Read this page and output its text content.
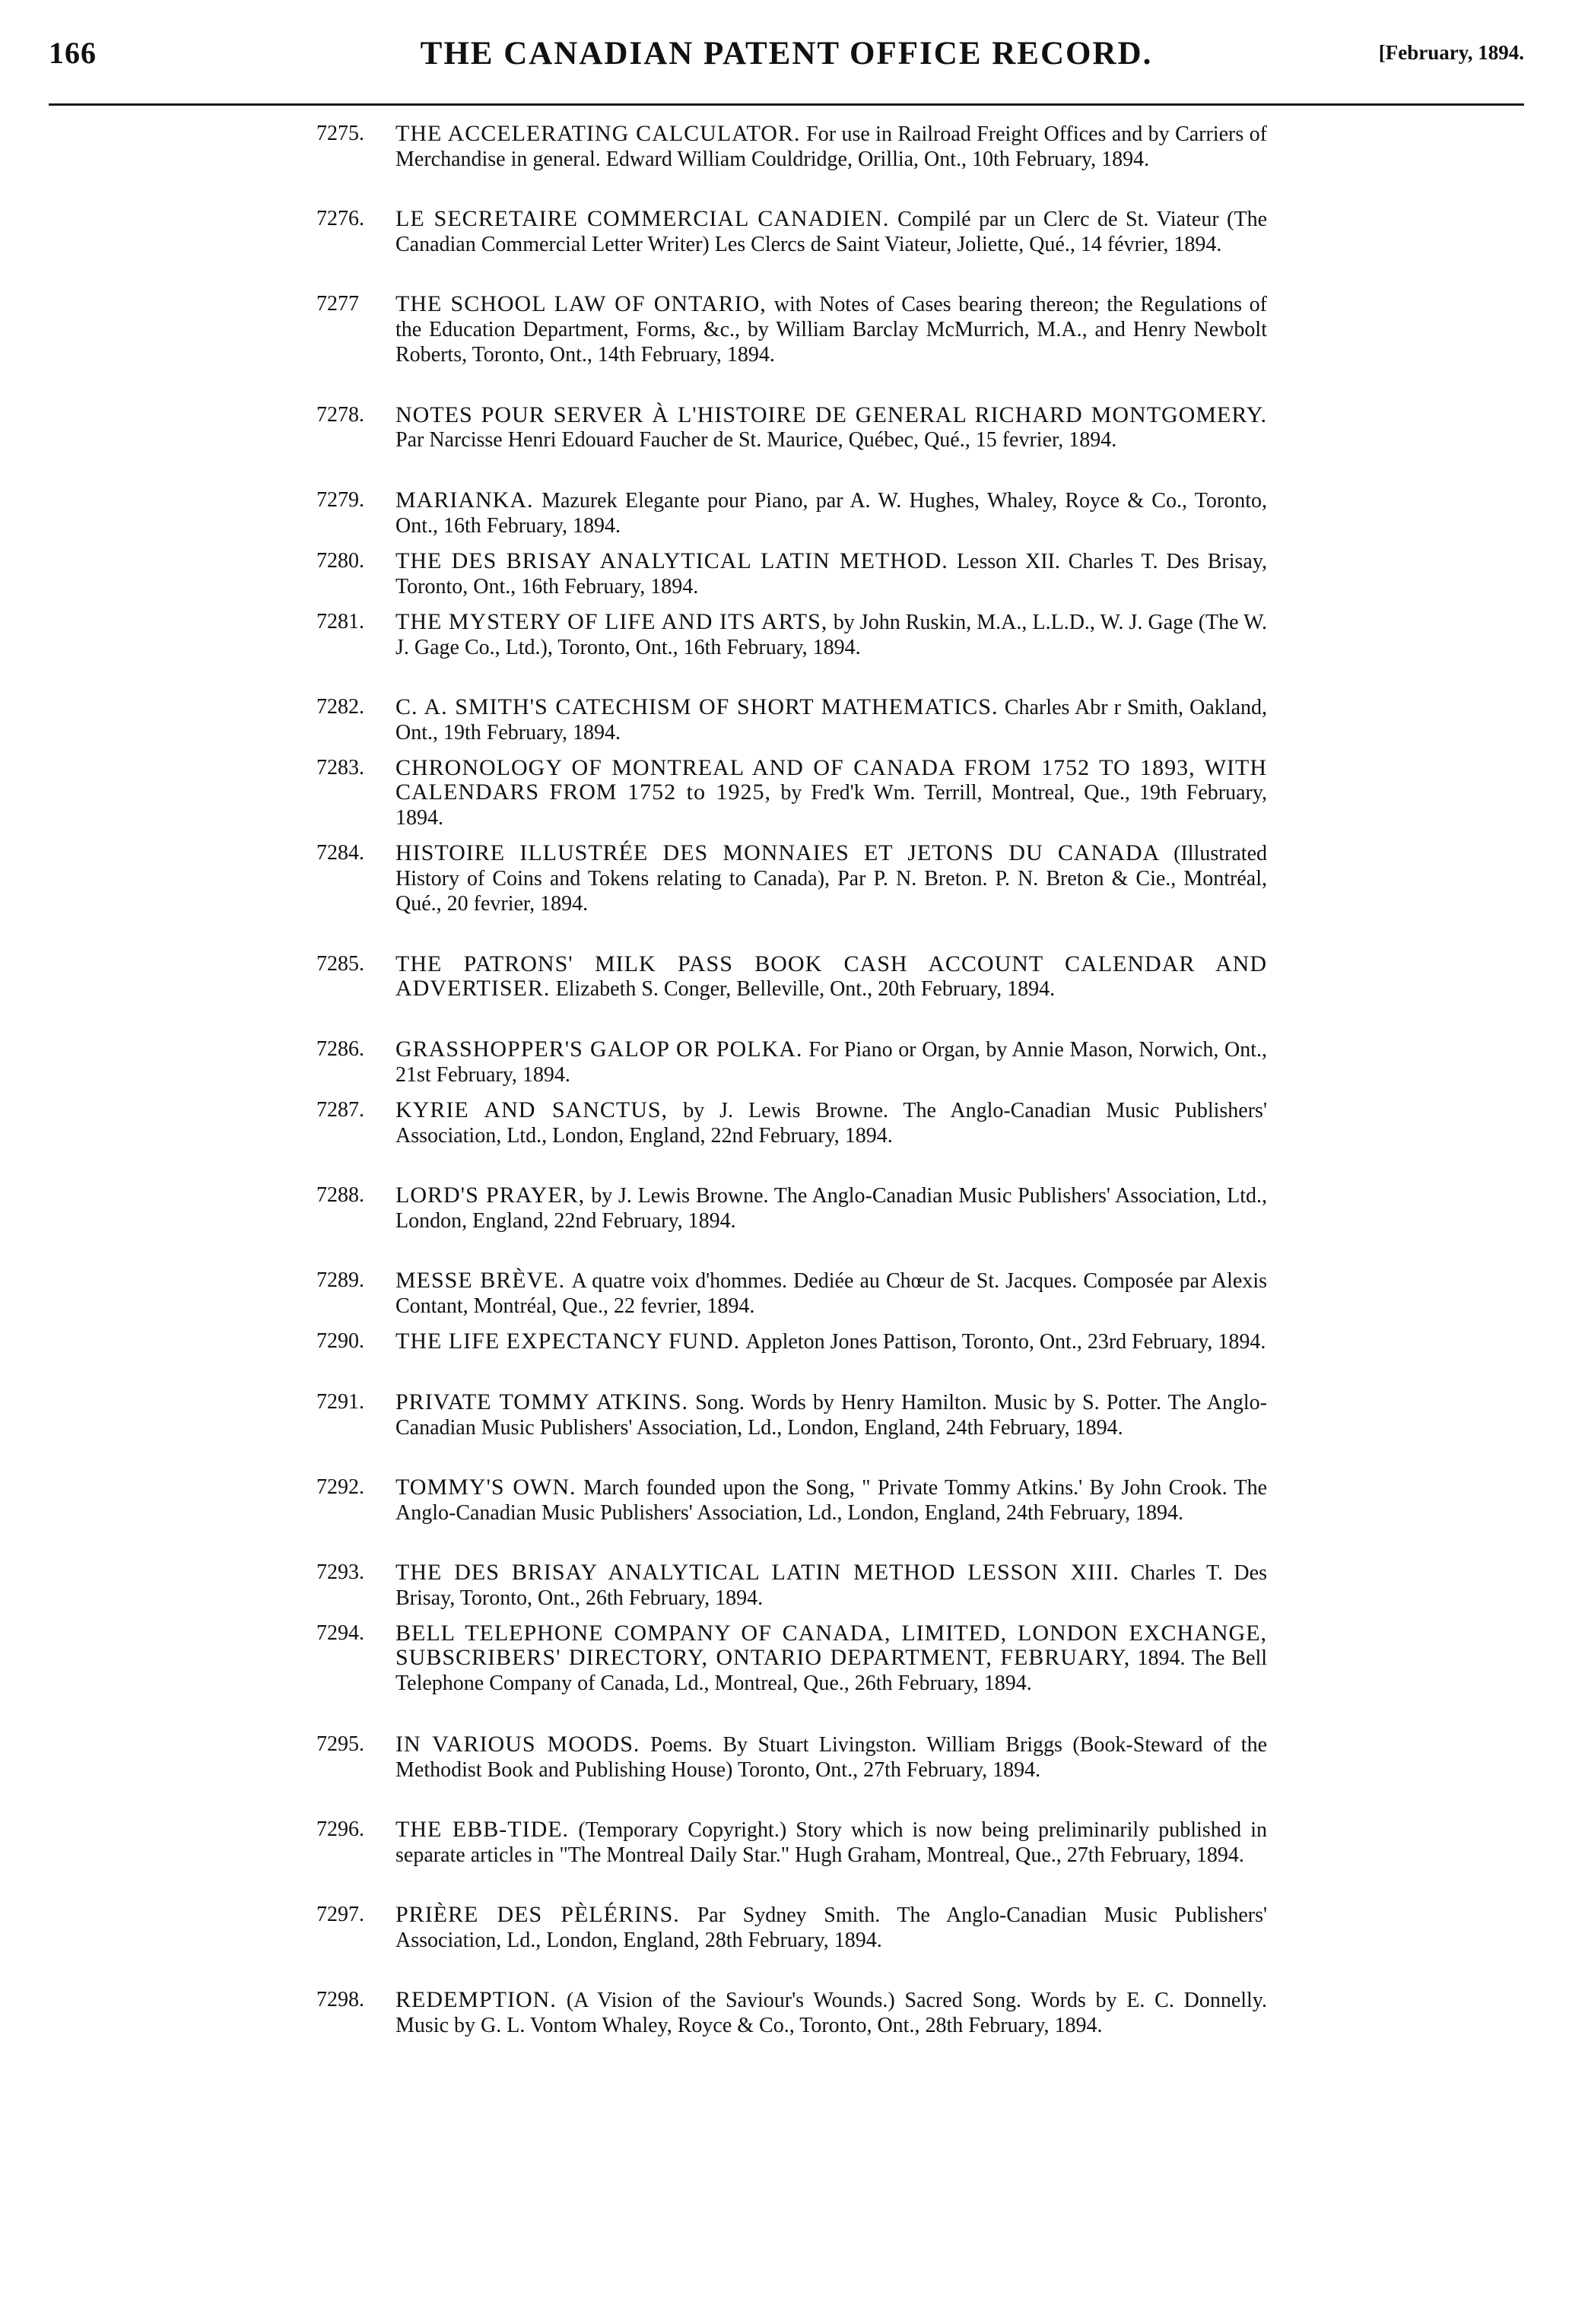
166	THE CANADIAN PATENT OFFICE RECORD.	[February, 1894.
7275.	THE ACCELERATING CALCULATOR. For use in Railroad Freight Offices and by Carriers of Merchandise in general. Edward William Couldridge, Orillia, Ont., 10th February, 1894.
7276.	LE SECRETAIRE COMMERCIAL CANADIEN. Compilé par un Clerc de St. Viateur (The Canadian Commercial Letter Writer) Les Clercs de Saint Viateur, Joliette, Qué., 14 février, 1894.
7277	THE SCHOOL LAW OF ONTARIO, with Notes of Cases bearing thereon; the Regulations of the Education Department, Forms, &c., by William Barclay McMurrich, M.A., and Henry Newbolt Roberts, Toronto, Ont., 14th February, 1894.
7278.	NOTES POUR SERVER À L'HISTOIRE DE GENERAL RICHARD MONTGOMERY. Par Narcisse Henri Edouard Faucher de St. Maurice, Québec, Qué., 15 fevrier, 1894.
7279.	MARIANKA. Mazurek Elegante pour Piano, par A. W. Hughes, Whaley, Royce & Co., Toronto, Ont., 16th February, 1894.
7280.	THE DES BRISAY ANALYTICAL LATIN METHOD. Lesson XII. Charles T. Des Brisay, Toronto, Ont., 16th February, 1894.
7281.	THE MYSTERY OF LIFE AND ITS ARTS, by John Ruskin, M.A., L.L.D., W. J. Gage (The W. J. Gage Co., Ltd.), Toronto, Ont., 16th February, 1894.
7282.	C. A. SMITH'S CATECHISM OF SHORT MATHEMATICS. Charles Abr r Smith, Oakland, Ont., 19th February, 1894.
7283.	CHRONOLOGY OF MONTREAL AND OF CANADA FROM 1752 TO 1893, WITH CALENDARS FROM 1752 to 1925, by Fred'k Wm. Terrill, Montreal, Que., 19th February, 1894.
7284.	HISTOIRE ILLUSTRÉE DES MONNAIES ET JETONS DU CANADA (Illustrated History of Coins and Tokens relating to Canada), Par P. N. Breton. P. N. Breton & Cie., Montréal, Qué., 20 fevrier, 1894.
7285.	THE PATRONS' MILK PASS BOOK CASH ACCOUNT CALENDAR AND ADVERTISER. Elizabeth S. Conger, Belleville, Ont., 20th February, 1894.
7286.	GRASSHOPPER'S GALOP OR POLKA. For Piano or Organ, by Annie Mason, Norwich, Ont., 21st February, 1894.
7287.	KYRIE AND SANCTUS, by J. Lewis Browne. The Anglo-Canadian Music Publishers' Association, Ltd., London, England, 22nd February, 1894.
7288.	LORD'S PRAYER, by J. Lewis Browne. The Anglo-Canadian Music Publishers' Association, Ltd., London, England, 22nd February, 1894.
7289.	MESSE BRÈVE. A quatre voix d'hommes. Dediée au Chœur de St. Jacques. Composée par Alexis Contant, Montréal, Que., 22 fevrier, 1894.
7290.	THE LIFE EXPECTANCY FUND. Appleton Jones Pattison, Toronto, Ont., 23rd February, 1894.
7291.	PRIVATE TOMMY ATKINS. Song. Words by Henry Hamilton. Music by S. Potter. The Anglo-Canadian Music Publishers' Association, Ld., London, England, 24th February, 1894.
7292.	TOMMY'S OWN. March founded upon the Song, " Private Tommy Atkins.' By John Crook. The Anglo-Canadian Music Publishers' Association, Ld., London, England, 24th February, 1894.
7293.	THE DES BRISAY ANALYTICAL LATIN METHOD LESSON XIII. Charles T. Des Brisay, Toronto, Ont., 26th February, 1894.
7294.	BELL TELEPHONE COMPANY OF CANADA, LIMITED, LONDON EXCHANGE, SUBSCRIBERS' DIRECTORY, ONTARIO DEPARTMENT, FEBRUARY, 1894. The Bell Telephone Company of Canada, Ld., Montreal, Que., 26th February, 1894.
7295.	IN VARIOUS MOODS. Poems. By Stuart Livingston. William Briggs (Book-Steward of the Methodist Book and Publishing House) Toronto, Ont., 27th February, 1894.
7296.	THE EBB-TIDE. (Temporary Copyright.) Story which is now being preliminarily published in separate articles in "The Montreal Daily Star." Hugh Graham, Montreal, Que., 27th February, 1894.
7297.	PRIÈRE DES PÈLÉRINS. Par Sydney Smith. The Anglo-Canadian Music Publishers' Association, Ld., London, England, 28th February, 1894.
7298.	REDEMPTION. (A Vision of the Saviour's Wounds.) Sacred Song. Words by E. C. Donnelly. Music by G. L. Vontom Whaley, Royce & Co., Toronto, Ont., 28th February, 1894.
